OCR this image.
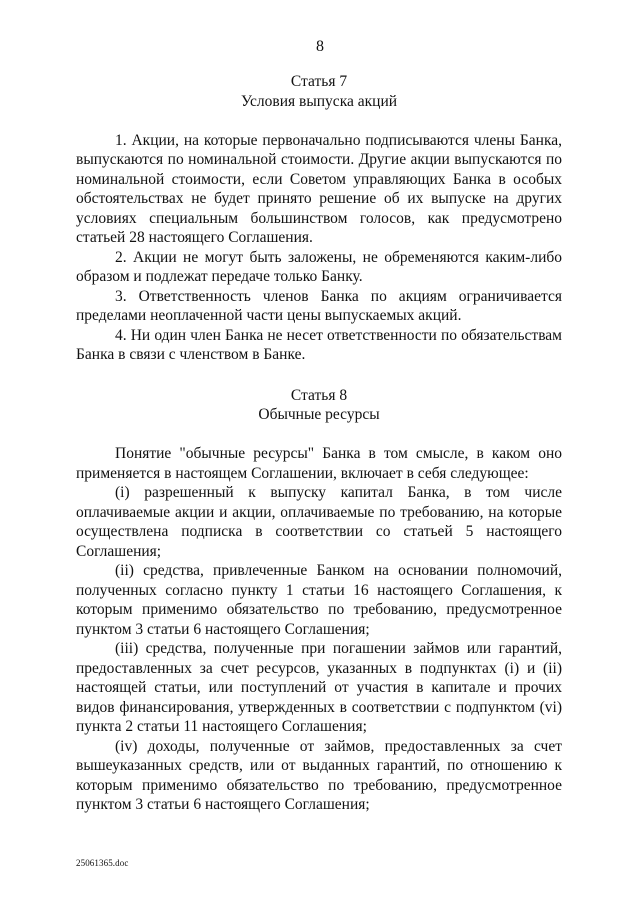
8
Статья 7
Условия выпуска акций

1. Акции, на которые первоначально подписываются члены Банка, выпускаются по номинальной стоимости. Другие акции выпускаются по номинальной стоимости, если Советом управляющих Банка в особых обстоятельствах не будет принято решение об их выпуске на других условиях специальным большинством голосов, как предусмотрено статьей 28 настоящего Соглашения.

2. Акции не могут быть заложены, не обременяются каким-либо образом и подлежат передаче только Банку.

3. Ответственность членов Банка по акциям ограничивается пределами неоплаченной части цены выпускаемых акций.

4. Ни один член Банка не несет ответственности по обязательствам Банка в связи с членством в Банке.

Статья 8
Обычные ресурсы

Понятие "обычные ресурсы" Банка в том смысле, в каком оно применяется в настоящем Соглашении, включает в себя следующее:

(i) разрешенный к выпуску капитал Банка, в том числе оплачиваемые акции и акции, оплачиваемые по требованию, на которые осуществлена подписка в соответствии со статьей 5 настоящего Соглашения;

(ii) средства, привлеченные Банком на основании полномочий, полученных согласно пункту 1 статьи 16 настоящего Соглашения, к которым применимо обязательство по требованию, предусмотренное пунктом 3 статьи 6 настоящего Соглашения;

(iii) средства, полученные при погашении займов или гарантий, предоставленных за счет ресурсов, указанных в подпунктах (i) и (ii) настоящей статьи, или поступлений от участия в капитале и прочих видов финансирования, утвержденных в соответствии с подпунктом (vi) пункта 2 статьи 11 настоящего Соглашения;

(iv) доходы, полученные от займов, предоставленных за счет вышеуказанных средств, или от выданных гарантий, по отношению к которым применимо обязательство по требованию, предусмотренное пунктом 3 статьи 6 настоящего Соглашения;

25061365.doc
